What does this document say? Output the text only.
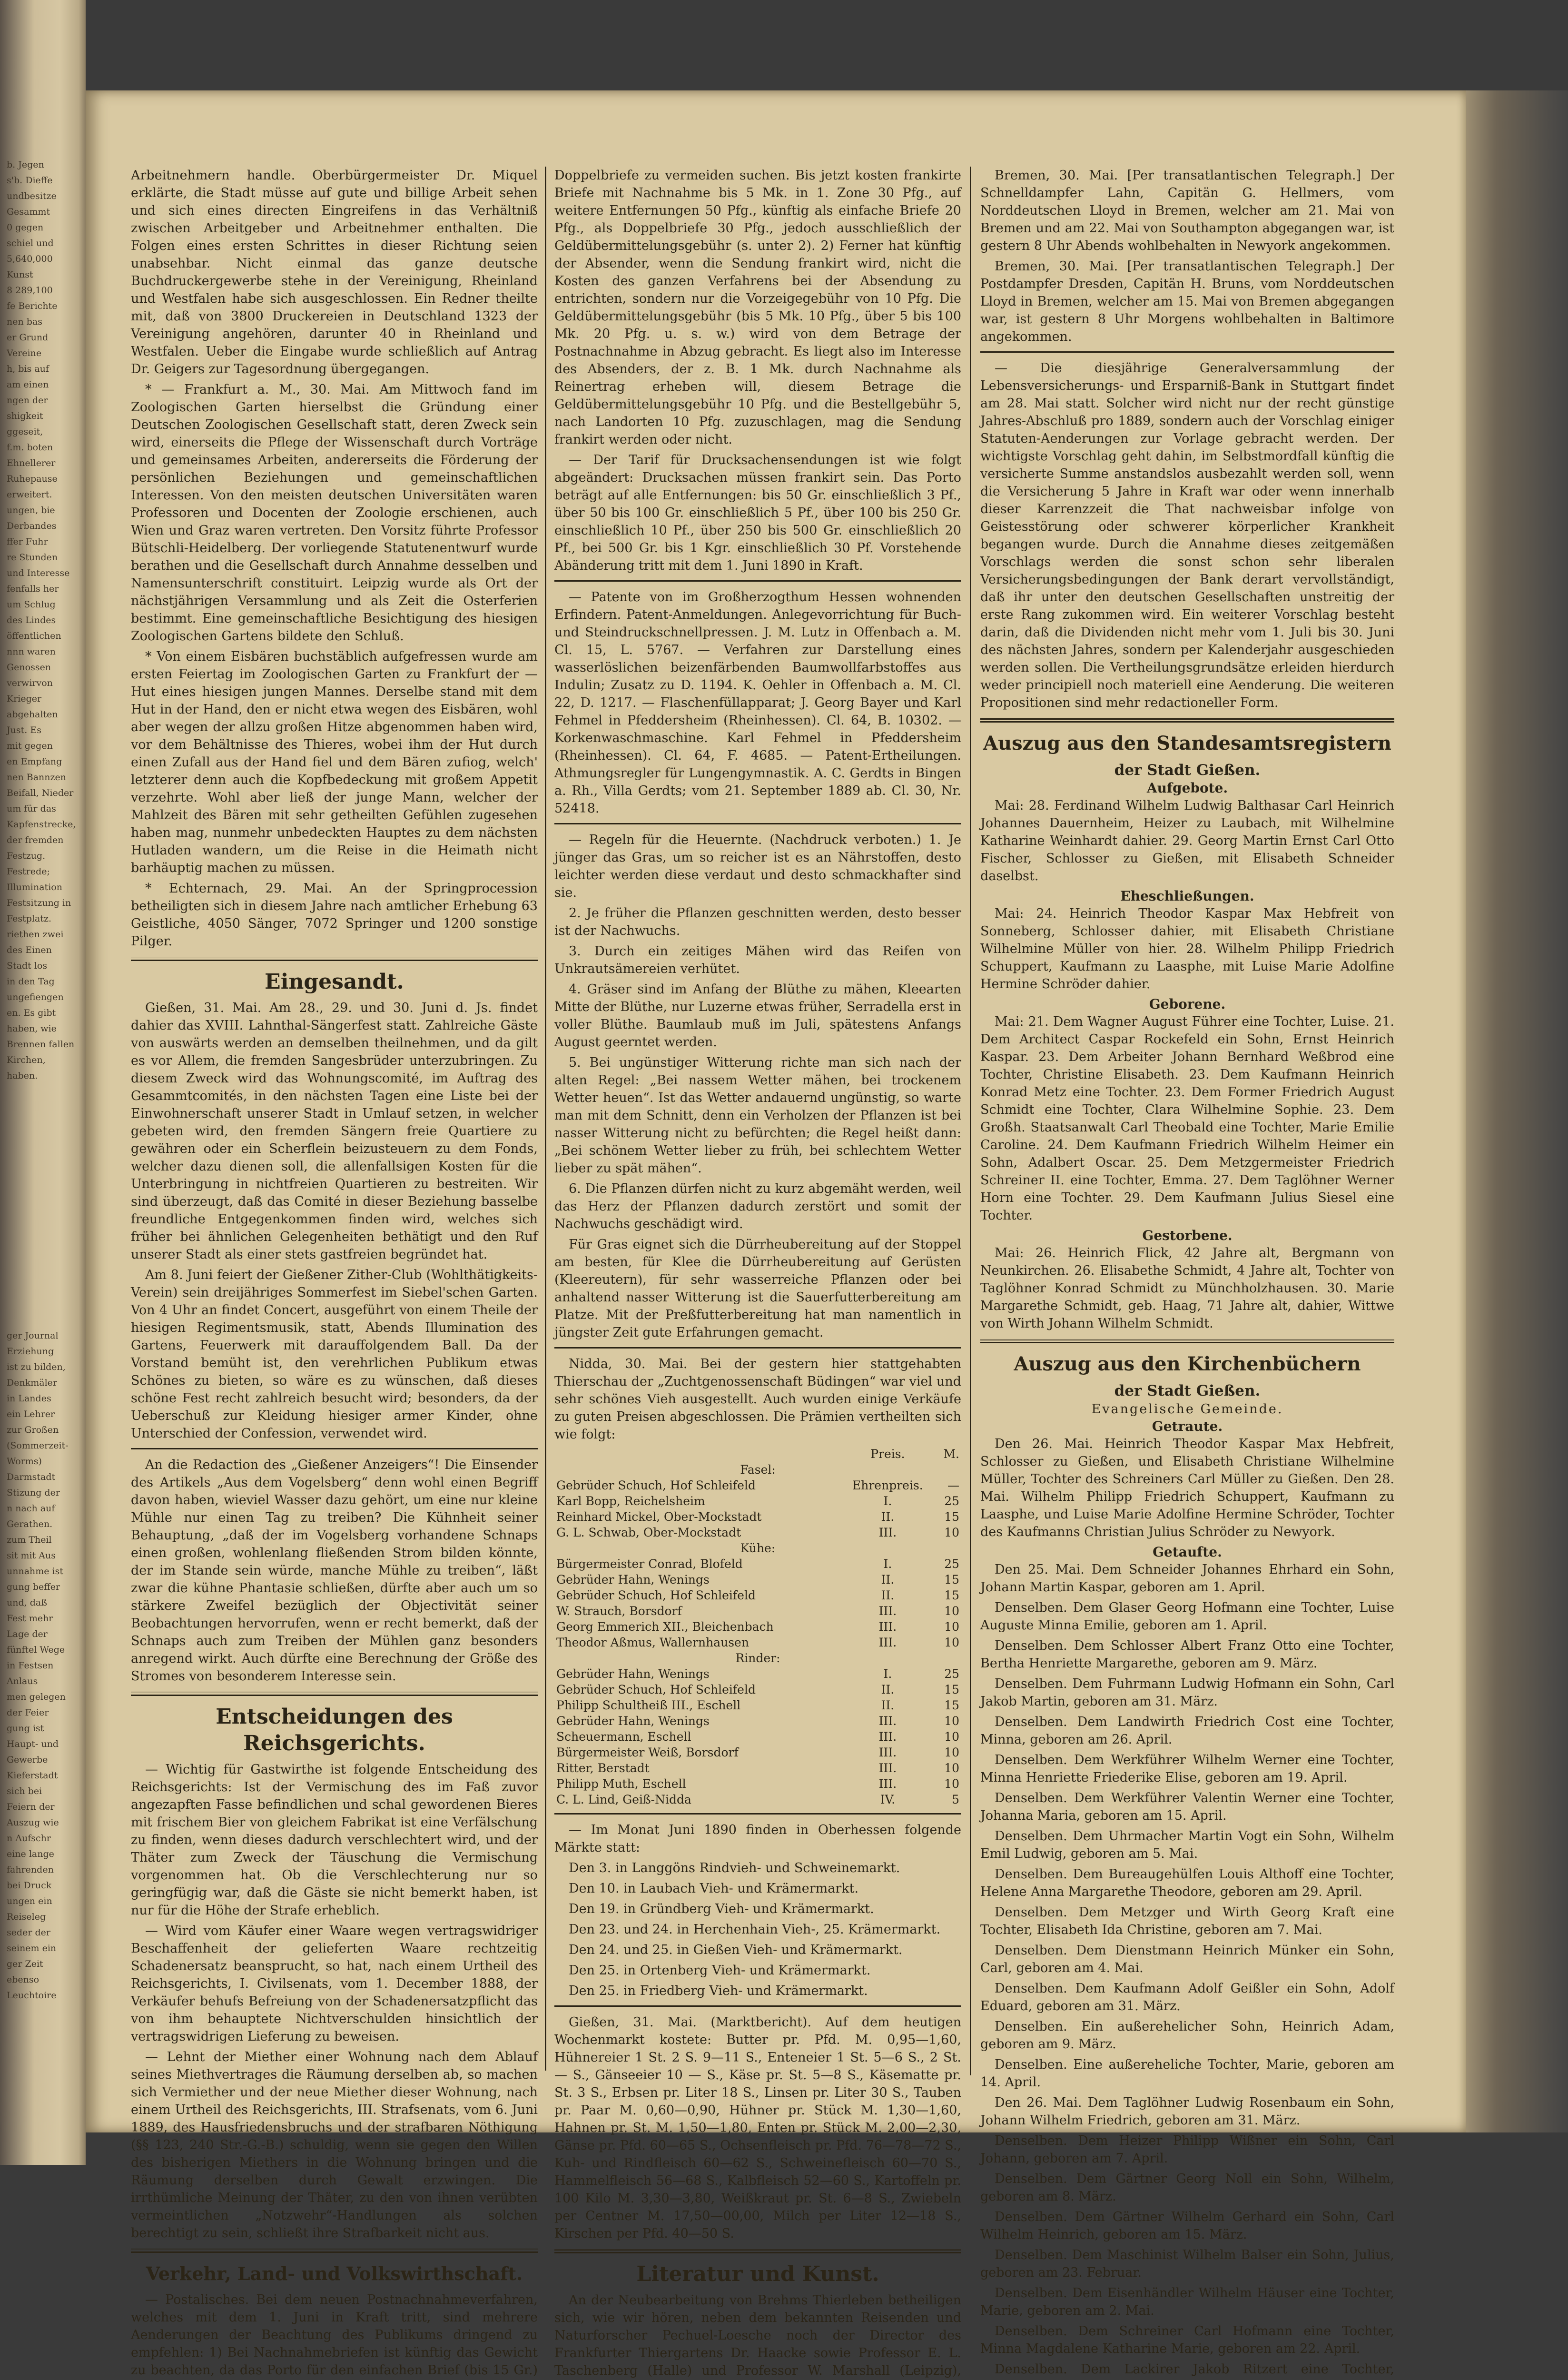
b. Jegen
s'b. Dieffe
undbesitze
Gesammt
0 gegen
schiel und
5,640,000
Kunst
8 289,100
fe Berichte
nen bas
er Grund
Vereine
h, bis auf
am einen
ngen der
shigkeit
ggeseit,
f.m. boten
Ehnellerer
Ruhepause
erweitert.
ungen, bie
Derbandes
ffer Fuhr
re Stunden
und Interesse
fenfalls her
um Schlug
des Lindes
öffentlichen
nnn waren
Genossen
verwirvon
Krieger
abgehalten
Just. Es
mit gegen
en Empfang
nen Bannzen
Beifall, Nieder
um für das
Kapfenstrecke,
der fremden
Festzug.
Festrede;
Illumination
Festsitzung in
Festplatz.
riethen zwei
des Einen
Stadt los
in den Tag
ungefiengen
en. Es gibt
haben, wie
Brennen fallen
Kirchen,
haben.
ger Journal
Erziehung
ist zu bilden,
Denkmäler
in Landes
ein Lehrer
zur Großen
(Sommerzeit-
Worms)
Darmstadt
Stizung der
n nach auf
Gerathen.
zum Theil
sit mit Aus
unnahme ist
gung beffer
und, daß
Fest mehr
Lage der
fünftel Wege
in Festsen
Anlaus
men gelegen
der Feier
gung ist
Haupt- und
Gewerbe
Kieferstadt
sich bei
Feiern der
Auszug wie
n Aufschr
eine lange
fahrenden
bei Druck
ungen ein
Reiseleg
seder der
seinem ein
ger Zeit
ebenso
Leuchtoire

Arbeitnehmern handle. Oberbürgermeister Dr. Miquel erklärte, die Stadt müsse auf gute und billige Arbeit sehen und sich eines directen Eingreifens in das Verhältniß zwischen Arbeitgeber und Arbeitnehmer enthalten. Die Folgen eines ersten Schrittes in dieser Richtung seien unabsehbar. Nicht einmal das ganze deutsche Buchdruckergewerbe stehe in der Vereinigung, Rheinland und Westfalen habe sich ausgeschlossen. Ein Redner theilte mit, daß von 3800 Druckereien in Deutschland 1323 der Vereinigung angehören, darunter 40 in Rheinland und Westfalen. Ueber die Eingabe wurde schließlich auf Antrag Dr. Geigers zur Tagesordnung übergegangen.

* — Frankfurt a. M., 30. Mai. Am Mittwoch fand im Zoologischen Garten hierselbst die Gründung einer Deutschen Zoologischen Gesellschaft statt, deren Zweck sein wird, einerseits die Pflege der Wissenschaft durch Vorträge und gemeinsames Arbeiten, andererseits die Förderung der persönlichen Beziehungen und gemeinschaftlichen Interessen. Von den meisten deutschen Universitäten waren Professoren und Docenten der Zoologie erschienen, auch Wien und Graz waren vertreten. Den Vorsitz führte Professor Bütschli-Heidelberg. Der vorliegende Statutenentwurf wurde berathen und die Gesellschaft durch Annahme desselben und Namensunterschrift constituirt. Leipzig wurde als Ort der nächstjährigen Versammlung und als Zeit die Osterferien bestimmt. Eine gemeinschaftliche Besichtigung des hiesigen Zoologischen Gartens bildete den Schluß.

* Von einem Eisbären buchstäblich aufgefressen wurde am ersten Feiertag im Zoologischen Garten zu Frankfurt der — Hut eines hiesigen jungen Mannes. Derselbe stand mit dem Hut in der Hand, den er nicht etwa wegen des Eisbären, wohl aber wegen der allzu großen Hitze abgenommen haben wird, vor dem Behältnisse des Thieres, wobei ihm der Hut durch einen Zufall aus der Hand fiel und dem Bären zufiog, welch' letzterer denn auch die Kopfbedeckung mit großem Appetit verzehrte. Wohl aber ließ der junge Mann, welcher der Mahlzeit des Bären mit sehr getheilten Gefühlen zugesehen haben mag, nunmehr unbedeckten Hauptes zu dem nächsten Hutladen wandern, um die Reise in die Heimath nicht barhäuptig machen zu müssen.

* Echternach, 29. Mai. An der Springprocession betheiligten sich in diesem Jahre nach amtlicher Erhebung 63 Geistliche, 4050 Sänger, 7072 Springer und 1200 sonstige Pilger.

Eingesandt.

Gießen, 31. Mai. Am 28., 29. und 30. Juni d. Js. findet dahier das XVIII. Lahnthal-Sängerfest statt. Zahlreiche Gäste von auswärts werden an demselben theilnehmen, und da gilt es vor Allem, die fremden Sangesbrüder unterzubringen. Zu diesem Zweck wird das Wohnungscomité, im Auftrag des Gesammtcomités, in den nächsten Tagen eine Liste bei der Einwohnerschaft unserer Stadt in Umlauf setzen, in welcher gebeten wird, den fremden Sängern freie Quartiere zu gewähren oder ein Scherflein beizusteuern zu dem Fonds, welcher dazu dienen soll, die allenfallsigen Kosten für die Unterbringung in nichtfreien Quartieren zu bestreiten. Wir sind überzeugt, daß das Comité in dieser Beziehung basselbe freundliche Entgegenkommen finden wird, welches sich früher bei ähnlichen Gelegenheiten bethätigt und den Ruf unserer Stadt als einer stets gastfreien begründet hat.

Am 8. Juni feiert der Gießener Zither-Club (Wohlthätigkeits-Verein) sein dreijähriges Sommerfest im Siebel'schen Garten. Von 4 Uhr an findet Concert, ausgeführt von einem Theile der hiesigen Regimentsmusik, statt, Abends Illumination des Gartens, Feuerwerk mit darauffolgendem Ball. Da der Vorstand bemüht ist, den verehrlichen Publikum etwas Schönes zu bieten, so wäre es zu wünschen, daß dieses schöne Fest recht zahlreich besucht wird; besonders, da der Ueberschuß zur Kleidung hiesiger armer Kinder, ohne Unterschied der Confession, verwendet wird.

An die Redaction des „Gießener Anzeigers“! Die Einsender des Artikels „Aus dem Vogelsberg“ denn wohl einen Begriff davon haben, wieviel Wasser dazu gehört, um eine nur kleine Mühle nur einen Tag zu treiben? Die Kühnheit seiner Behauptung, „daß der im Vogelsberg vorhandene Schnaps einen großen, wohlenlang fließenden Strom bilden könnte, der im Stande sein würde, manche Mühle zu treiben“, läßt zwar die kühne Phantasie schließen, dürfte aber auch um so stärkere Zweifel bezüglich der Objectivität seiner Beobachtungen hervorrufen, wenn er recht bemerkt, daß der Schnaps auch zum Treiben der Mühlen ganz besonders anregend wirkt. Auch dürfte eine Berechnung der Größe des Stromes von besonderem Interesse sein.

Entscheidungen des Reichsgerichts.

— Wichtig für Gastwirthe ist folgende Entscheidung des Reichsgerichts: Ist der Vermischung des im Faß zuvor angezapften Fasse befindlichen und schal gewordenen Bieres mit frischem Bier von gleichem Fabrikat ist eine Verfälschung zu finden, wenn dieses dadurch verschlechtert wird, und der Thäter zum Zweck der Täuschung die Vermischung vorgenommen hat. Ob die Verschlechterung nur so geringfügig war, daß die Gäste sie nicht bemerkt haben, ist nur für die Höhe der Strafe erheblich.

— Wird vom Käufer einer Waare wegen vertragswidriger Beschaffenheit der gelieferten Waare rechtzeitig Schadenersatz beansprucht, so hat, nach einem Urtheil des Reichsgerichts, I. Civilsenats, vom 1. December 1888, der Verkäufer behufs Befreiung von der Schadenersatzpflicht das von ihm behauptete Nichtverschulden hinsichtlich der vertragswidrigen Lieferung zu beweisen.

— Lehnt der Miether einer Wohnung nach dem Ablauf seines Miethvertrages die Räumung derselben ab, so machen sich Vermiether und der neue Miether dieser Wohnung, nach einem Urtheil des Reichsgerichts, III. Strafsenats, vom 6. Juni 1889, des Hausfriedensbruchs und der strafbaren Nöthigung (§§ 123, 240 Str.-G.-B.) schuldig, wenn sie gegen den Willen des bisherigen Miethers in die Wohnung bringen und die Räumung derselben durch Gewalt erzwingen. Die irrthümliche Meinung der Thäter, zu den von ihnen verübten vermeintlichen „Notzwehr“-Handlungen als solchen berechtigt zu sein, schließt ihre Strafbarkeit nicht aus.

Verkehr, Land- und Volkswirthschaft.

— Postalisches. Bei dem neuen Postnachnahmeverfahren, welches mit dem 1. Juni in Kraft tritt, sind mehrere Aenderungen der Beachtung des Publikums dringend zu empfehlen: 1) Bei Nachnahmebriefen ist künftig das Gewicht zu beachten, da das Porto für den einfachen Brief (bis 15 Gr.)

Doppelbriefe zu vermeiden suchen. Bis jetzt kosten frankirte Briefe mit Nachnahme bis 5 Mk. in 1. Zone 30 Pfg., auf weitere Entfernungen 50 Pfg., künftig als einfache Briefe 20 Pfg., als Doppelbriefe 30 Pfg., jedoch ausschließlich der Geldübermittelungsgebühr (s. unter 2). 2) Ferner hat künftig der Absender, wenn die Sendung frankirt wird, nicht die Kosten des ganzen Verfahrens bei der Absendung zu entrichten, sondern nur die Vorzeigegebühr von 10 Pfg. Die Geldübermittelungsgebühr (bis 5 Mk. 10 Pfg., über 5 bis 100 Mk. 20 Pfg. u. s. w.) wird von dem Betrage der Postnachnahme in Abzug gebracht. Es liegt also im Interesse des Absenders, der z. B. 1 Mk. durch Nachnahme als Reinertrag erheben will, diesem Betrage die Geldübermittelungsgebühr 10 Pfg. und die Bestellgebühr 5, nach Landorten 10 Pfg. zuzuschlagen, mag die Sendung frankirt werden oder nicht.

— Der Tarif für Drucksachensendungen ist wie folgt abgeändert: Drucksachen müssen frankirt sein. Das Porto beträgt auf alle Entfernungen: bis 50 Gr. einschließlich 3 Pf., über 50 bis 100 Gr. einschließlich 5 Pf., über 100 bis 250 Gr. einschließlich 10 Pf., über 250 bis 500 Gr. einschließlich 20 Pf., bei 500 Gr. bis 1 Kgr. einschließlich 30 Pf. Vorstehende Abänderung tritt mit dem 1. Juni 1890 in Kraft.

— Patente von im Großherzogthum Hessen wohnenden Erfindern. Patent-Anmeldungen. Anlegevorrichtung für Buch- und Steindruckschnellpressen. J. M. Lutz in Offenbach a. M. Cl. 15, L. 5767. — Verfahren zur Darstellung eines wasserlöslichen beizenfärbenden Baumwollfarbstoffes aus Indulin; Zusatz zu D. 1194. K. Oehler in Offenbach a. M. Cl. 22, D. 1217. — Flaschenfüllapparat; J. Georg Bayer und Karl Fehmel in Pfeddersheim (Rheinhessen). Cl. 64, B. 10302. — Korkenwaschmaschine. Karl Fehmel in Pfeddersheim (Rheinhessen). Cl. 64, F. 4685. — Patent-Ertheilungen. Athmungsregler für Lungengymnastik. A. C. Gerdts in Bingen a. Rh., Villa Gerdts; vom 21. September 1889 ab. Cl. 30, Nr. 52418.

— Regeln für die Heuernte. (Nachdruck verboten.) 1. Je jünger das Gras, um so reicher ist es an Nährstoffen, desto leichter werden diese verdaut und desto schmackhafter sind sie.

2. Je früher die Pflanzen geschnitten werden, desto besser ist der Nachwuchs.

3. Durch ein zeitiges Mähen wird das Reifen von Unkrautsämereien verhütet.

4. Gräser sind im Anfang der Blüthe zu mähen, Kleearten Mitte der Blüthe, nur Luzerne etwas früher, Serradella erst in voller Blüthe. Baumlaub muß im Juli, spätestens Anfangs August geerntet werden.

5. Bei ungünstiger Witterung richte man sich nach der alten Regel: „Bei nassem Wetter mähen, bei trockenem Wetter heuen“. Ist das Wetter andauernd ungünstig, so warte man mit dem Schnitt, denn ein Verholzen der Pflanzen ist bei nasser Witterung nicht zu befürchten; die Regel heißt dann: „Bei schönem Wetter lieber zu früh, bei schlechtem Wetter lieber zu spät mähen“.

6. Die Pflanzen dürfen nicht zu kurz abgemäht werden, weil das Herz der Pflanzen dadurch zerstört und somit der Nachwuchs geschädigt wird.

Für Gras eignet sich die Dürrheubereitung auf der Stoppel am besten, für Klee die Dürrheubereitung auf Gerüsten (Kleereutern), für sehr wasserreiche Pflanzen oder bei anhaltend nasser Witterung ist die Sauerfutterbereitung am Platze. Mit der Preßfutterbereitung hat man namentlich in jüngster Zeit gute Erfahrungen gemacht.

Nidda, 30. Mai. Bei der gestern hier stattgehabten Thierschau der „Zuchtgenossenschaft Büdingen“ war viel und sehr schönes Vieh ausgestellt. Auch wurden einige Verkäufe zu guten Preisen abgeschlossen. Die Prämien vertheilten sich wie folgt:

	Preis.	M.
Fasel:		
Gebrüder Schuch, Hof Schleifeld	Ehrenpreis.	—
Karl Bopp, Reichelsheim	I.	25
Reinhard Mickel, Ober-Mockstadt	II.	15
G. L. Schwab, Ober-Mockstadt	III.	10
Kühe:		
Bürgermeister Conrad, Blofeld	I.	25
Gebrüder Hahn, Wenings	II.	15
Gebrüder Schuch, Hof Schleifeld	II.	15
W. Strauch, Borsdorf	III.	10
Georg Emmerich XII., Bleichenbach	III.	10
Theodor Aßmus, Wallernhausen	III.	10
Rinder:		
Gebrüder Hahn, Wenings	I.	25
Gebrüder Schuch, Hof Schleifeld	II.	15
Philipp Schultheiß III., Eschell	II.	15
Gebrüder Hahn, Wenings	III.	10
Scheuermann, Eschell	III.	10
Bürgermeister Weiß, Borsdorf	III.	10
Ritter, Berstadt	III.	10
Philipp Muth, Eschell	III.	10
C. L. Lind, Geiß-Nidda	IV.	5

— Im Monat Juni 1890 finden in Oberhessen folgende Märkte statt:

Den 3. in Langgöns Rindvieh- und Schweinemarkt.

Den 10. in Laubach Vieh- und Krämermarkt.

Den 19. in Gründberg Vieh- und Krämermarkt.

Den 23. und 24. in Herchenhain Vieh-, 25. Krämermarkt.

Den 24. und 25. in Gießen Vieh- und Krämermarkt.

Den 25. in Ortenberg Vieh- und Krämermarkt.

Den 25. in Friedberg Vieh- und Krämermarkt.

Gießen, 31. Mai. (Marktbericht). Auf dem heutigen Wochenmarkt kostete: Butter pr. Pfd. M. 0,95—1,60, Hühnereier 1 St. 2 S. 9—11 S., Enteneier 1 St. 5—6 S., 2 St. — S., Gänseeier 10 — S., Käse pr. St. 5—8 S., Käsematte pr. St. 3 S., Erbsen pr. Liter 18 S., Linsen pr. Liter 30 S., Tauben pr. Paar M. 0,60—0,90, Hühner pr. Stück M. 1,30—1,60, Hahnen pr. St. M. 1,50—1,80, Enten pr. Stück M. 2,00—2,30, Gänse pr. Pfd. 60—65 S., Ochsenfleisch pr. Pfd. 76—78—72 S., Kuh- und Rindfleisch 60—62 S., Schweinefleisch 60—70 S., Hammelfleisch 56—68 S., Kalbfleisch 52—60 S., Kartoffeln pr. 100 Kilo M. 3,30—3,80, Weißkraut pr. St. 6—8 S., Zwiebeln per Centner M. 17,50—00,00, Milch per Liter 12—18 S., Kirschen per Pfd. 40—50 S.

Literatur und Kunst.

An der Neubearbeitung von Brehms Thierleben betheiligen sich, wie wir hören, neben dem bekannten Reisenden und Naturforscher Pechuel-Loesche noch der Director des Frankfurter Thiergartens Dr. Haacke sowie Professor E. L. Taschenberg (Halle) und Professor W. Marshall (Leipzig),

Bremen, 30. Mai. [Per transatlantischen Telegraph.] Der Schnelldampfer Lahn, Capitän G. Hellmers, vom Norddeutschen Lloyd in Bremen, welcher am 21. Mai von Bremen und am 22. Mai von Southampton abgegangen war, ist gestern 8 Uhr Abends wohlbehalten in Newyork angekommen.

Bremen, 30. Mai. [Per transatlantischen Telegraph.] Der Postdampfer Dresden, Capitän H. Bruns, vom Norddeutschen Lloyd in Bremen, welcher am 15. Mai von Bremen abgegangen war, ist gestern 8 Uhr Morgens wohlbehalten in Baltimore angekommen.

— Die diesjährige Generalversammlung der Lebensversicherungs- und Ersparniß-Bank in Stuttgart findet am 28. Mai statt. Solcher wird nicht nur der recht günstige Jahres-Abschluß pro 1889, sondern auch der Vorschlag einiger Statuten-Aenderungen zur Vorlage gebracht werden. Der wichtigste Vorschlag geht dahin, im Selbstmordfall künftig die versicherte Summe anstandslos ausbezahlt werden soll, wenn die Versicherung 5 Jahre in Kraft war oder wenn innerhalb dieser Karrenzzeit die That nachweisbar infolge von Geistesstörung oder schwerer körperlicher Krankheit begangen wurde. Durch die Annahme dieses zeitgemäßen Vorschlags werden die sonst schon sehr liberalen Versicherungsbedingungen der Bank derart vervollständigt, daß ihr unter den deutschen Gesellschaften unstreitig der erste Rang zukommen wird. Ein weiterer Vorschlag besteht darin, daß die Dividenden nicht mehr vom 1. Juli bis 30. Juni des nächsten Jahres, sondern per Kalenderjahr ausgeschieden werden sollen. Die Vertheilungsgrundsätze erleiden hierdurch weder principiell noch materiell eine Aenderung. Die weiteren Propositionen sind mehr redactioneller Form.

Auszug aus den Standesamtsregistern
der Stadt Gießen.
Aufgebote.

Mai: 28. Ferdinand Wilhelm Ludwig Balthasar Carl Heinrich Johannes Dauernheim, Heizer zu Laubach, mit Wilhelmine Katharine Weinhardt dahier. 29. Georg Martin Ernst Carl Otto Fischer, Schlosser zu Gießen, mit Elisabeth Schneider daselbst.

Eheschließungen.

Mai: 24. Heinrich Theodor Kaspar Max Hebfreit von Sonneberg, Schlosser dahier, mit Elisabeth Christiane Wilhelmine Müller von hier. 28. Wilhelm Philipp Friedrich Schuppert, Kaufmann zu Laasphe, mit Luise Marie Adolfine Hermine Schröder dahier.

Geborene.

Mai: 21. Dem Wagner August Führer eine Tochter, Luise. 21. Dem Architect Caspar Rockefeld ein Sohn, Ernst Heinrich Kaspar. 23. Dem Arbeiter Johann Bernhard Weßbrod eine Tochter, Christine Elisabeth. 23. Dem Kaufmann Heinrich Konrad Metz eine Tochter. 23. Dem Former Friedrich August Schmidt eine Tochter, Clara Wilhelmine Sophie. 23. Dem Großh. Staatsanwalt Carl Theobald eine Tochter, Marie Emilie Caroline. 24. Dem Kaufmann Friedrich Wilhelm Heimer ein Sohn, Adalbert Oscar. 25. Dem Metzgermeister Friedrich Schreiner II. eine Tochter, Emma. 27. Dem Taglöhner Werner Horn eine Tochter. 29. Dem Kaufmann Julius Siesel eine Tochter.

Gestorbene.

Mai: 26. Heinrich Flick, 42 Jahre alt, Bergmann von Neunkirchen. 26. Elisabethe Schmidt, 4 Jahre alt, Tochter von Taglöhner Konrad Schmidt zu Münchholzhausen. 30. Marie Margarethe Schmidt, geb. Haag, 71 Jahre alt, dahier, Wittwe von Wirth Johann Wilhelm Schmidt.

Auszug aus den Kirchenbüchern
der Stadt Gießen.
Evangelische Gemeinde.
Getraute.

Den 26. Mai. Heinrich Theodor Kaspar Max Hebfreit, Schlosser zu Gießen, und Elisabeth Christiane Wilhelmine Müller, Tochter des Schreiners Carl Müller zu Gießen. Den 28. Mai. Wilhelm Philipp Friedrich Schuppert, Kaufmann zu Laasphe, und Luise Marie Adolfine Hermine Schröder, Tochter des Kaufmanns Christian Julius Schröder zu Newyork.

Getaufte.

Den 25. Mai. Dem Schneider Johannes Ehrhard ein Sohn, Johann Martin Kaspar, geboren am 1. April.

Denselben. Dem Glaser Georg Hofmann eine Tochter, Luise Auguste Minna Emilie, geboren am 1. April.

Denselben. Dem Schlosser Albert Franz Otto eine Tochter, Bertha Henriette Margarethe, geboren am 9. März.

Denselben. Dem Fuhrmann Ludwig Hofmann ein Sohn, Carl Jakob Martin, geboren am 31. März.

Denselben. Dem Landwirth Friedrich Cost eine Tochter, Minna, geboren am 26. April.

Denselben. Dem Werkführer Wilhelm Werner eine Tochter, Minna Henriette Friederike Elise, geboren am 19. April.

Denselben. Dem Werkführer Valentin Werner eine Tochter, Johanna Maria, geboren am 15. April.

Denselben. Dem Uhrmacher Martin Vogt ein Sohn, Wilhelm Emil Ludwig, geboren am 5. Mai.

Denselben. Dem Bureaugehülfen Louis Althoff eine Tochter, Helene Anna Margarethe Theodore, geboren am 29. April.

Denselben. Dem Metzger und Wirth Georg Kraft eine Tochter, Elisabeth Ida Christine, geboren am 7. Mai.

Denselben. Dem Dienstmann Heinrich Münker ein Sohn, Carl, geboren am 4. Mai.

Denselben. Dem Kaufmann Adolf Geißler ein Sohn, Adolf Eduard, geboren am 31. März.

Denselben. Ein außerehelicher Sohn, Heinrich Adam, geboren am 9. März.

Denselben. Eine außereheliche Tochter, Marie, geboren am 14. April.

Den 26. Mai. Dem Taglöhner Ludwig Rosenbaum ein Sohn, Johann Wilhelm Friedrich, geboren am 31. März.

Denselben. Dem Heizer Philipp Wißner ein Sohn, Carl Johann, geboren am 7. April.

Denselben. Dem Gärtner Georg Noll ein Sohn, Wilhelm, geboren am 8. März.

Denselben. Dem Gärtner Wilhelm Gerhard ein Sohn, Carl Wilhelm Heinrich, geboren am 15. März.

Denselben. Dem Maschinist Wilhelm Balser ein Sohn, Julius, geboren am 23. Februar.

Denselben. Dem Eisenhändler Wilhelm Häuser eine Tochter, Marie, geboren am 2. Mai.

Denselben. Dem Schreiner Carl Hofmann eine Tochter, Minna Magdalene Katharine Marie, geboren am 22. April.

Denselben. Dem Lackirer Jakob Ritzert eine Tochter,
